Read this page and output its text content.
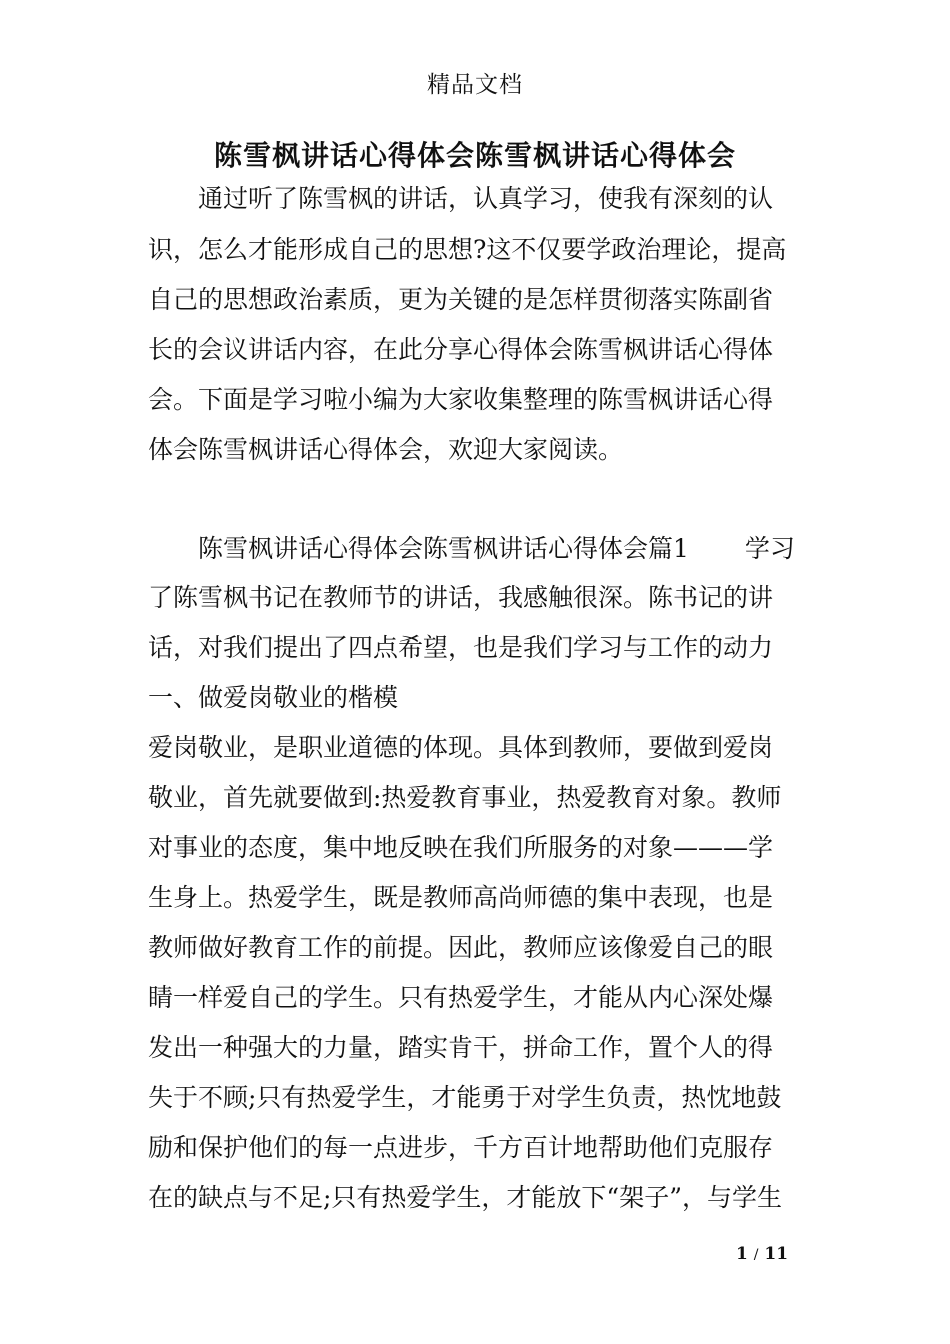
精品文档
陈雪枫讲话心得体会陈雪枫讲话心得体会
通过听了陈雪枫的讲话，认真学习，使我有深刻的认
识，怎么才能形成自己的思想?这不仅要学政治理论，提高
自己的思想政治素质，更为关键的是怎样贯彻落实陈副省
长的会议讲话内容，在此分享心得体会陈雪枫讲话心得体
会。下面是学习啦小编为大家收集整理的陈雪枫讲话心得
体会陈雪枫讲话心得体会，欢迎大家阅读。
陈雪枫讲话心得体会陈雪枫讲话心得体会篇1 学习
了陈雪枫书记在教师节的讲话，我感触很深。陈书记的讲
话，对我们提出了四点希望，也是我们学习与工作的动力
一、做爱岗敬业的楷模
爱岗敬业，是职业道德的体现。具体到教师，要做到爱岗
敬业，首先就要做到:热爱教育事业，热爱教育对象。教师
对事业的态度，集中地反映在我们所服务的对象———学
生身上。热爱学生，既是教师高尚师德的集中表现，也是
教师做好教育工作的前提。因此，教师应该像爱自己的眼
睛一样爱自己的学生。只有热爱学生，才能从内心深处爆
发出一种强大的力量，踏实肯干，拼命工作，置个人的得
失于不顾;只有热爱学生，才能勇于对学生负责，热忱地鼓
励和保护他们的每一点进步，千方百计地帮助他们克服存
在的缺点与不足;只有热爱学生，才能放下“架子”，与学生
1 / 11
